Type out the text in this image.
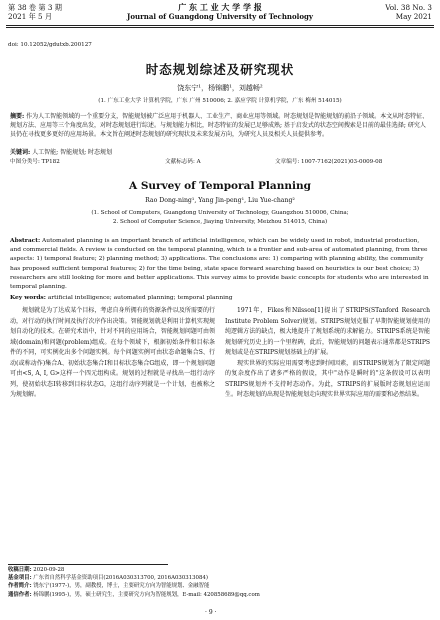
第 38 卷 第 3 期
2021 年 5 月
广 东 工 业 大 学 学 报
Journal of Guangdong University of Technology
Vol. 38 No. 3
May 2021
doi: 10.12052/gdutxb.200127
时态规划综述及研究现状
饶东宁¹，杨锦鹏¹，刘越畅²
(1. 广东工业大学 计算机学院，广东 广州 510006; 2. 嘉应学院 计算机学院，广东 梅州 514015)
摘要: 作为人工智能领域的一个重要分支，智能规划被广泛应用于机器人、工业生产、商业应用等领域。时态规划是智能规划的前沿子领域。本文从时态特征、规划方法、应用等三个角度出发，对时态规划进行综述。与规划能力相比，时态特征的发展已足够成熟; 基于启发式的状态空间搜索是目前的最佳选择; 研究人员仍在寻找更多更好的应用场景。本文旨在阐述时态规划的研究现状及未来发展方向，为研究人员及相关人员提供参考。
关键词: 人工智能; 智能规划; 时态规划
中图分类号: TP182	文献标志码: A	文章编号: 1007-7162(2021)03-0009-08
A Survey of Temporal Planning
Rao Dong-ning¹, Yang Jin-peng¹, Liu Yue-chang²
(1. School of Computers, Guangdong University of Technology, Guangzhou 510006, China;
2. School of Computer Science, Jiaying University, Meizhou 514015, China)
Abstract: Automated planning is an important branch of artificial intelligence, which can be widely used in robot, industrial production, and commercial fields. A review is conducted on the temporal planning, which is a frontier and sub-area of automated planning, from three aspects: 1) temporal feature; 2) planning method; 3) applications. The conclusions are: 1) comparing with planning ability, the community has proposed sufficient temporal features; 2) for the time being, state space forward searching based on heuristics is our best choice; 3) researchers are still looking for more and better applications. This survey aims to provide basic concepts for students who are interested in temporal planning.
Key words: artificial intelligence; automated planning; temporal planning

规划就是为了达成某个目标，考虑自身所拥有的资源条件以及所需要的行动，对行动的执行时间及执行次序作出决策。智能规划就是利用计算机实现规划自动化的技术。在研究术语中，针对不同的应用场合，智能规划问题可由领域(domain)和问题(problem)组成。在每个领域下，根据初始条件和目标条件的不同，可实例化出多个问题实例。每个问题实例可由状态命题集合S、行动(或称动作)集合A、初始状态集合I和目标状态集合G组成，即一个规划问题可由<S, A, I, G>这样一个四元组构成。规划的过程就是寻找出一组行动序列，使初始状态I转移到目标状态G，这组行动序列就是一个计划，也被称之为规划解。

1971年，Fikes和Nilsson[1]提出了STRIPS(STanford Research Institute Problem Solver)规划。STRIPS规划克服了早期智能规划使用的纯逻辑方法的缺点，极大地提升了规划系统的求解能力。STRIPS系统是智能规划研究历史上的一个里程碑，此后，智能规划的问题表示通常都是STRIPS规划或是在STRIPS规划基础上的扩展。

现实世界的实际应用需要考虑到时间因素，而STRIPS规划为了限定问题的复杂度作出了诸多严格的假设，其中"动作是瞬时的"这条假设可以表明STRIPS规划并不支持时态动作。为此，STRIPS的扩展版时态规划应运而生。时态规划的出现是智能规划走向现实世界实际应用的需要和必然结果。

收稿日期: 2020-09-28
基金项目: 广东省自然科学基金资助项目(2016A030313700, 2016A030313084)
作者简介: 饶东宁(1977-)，男，副教授，博士，主要研究方向为智能规划、金融智能
通信作者: 杨锦鹏(1995-)，男，硕士研究生，主要研究方向为智能规划，E-mail: 420858689@qq.com
· 9 ·
